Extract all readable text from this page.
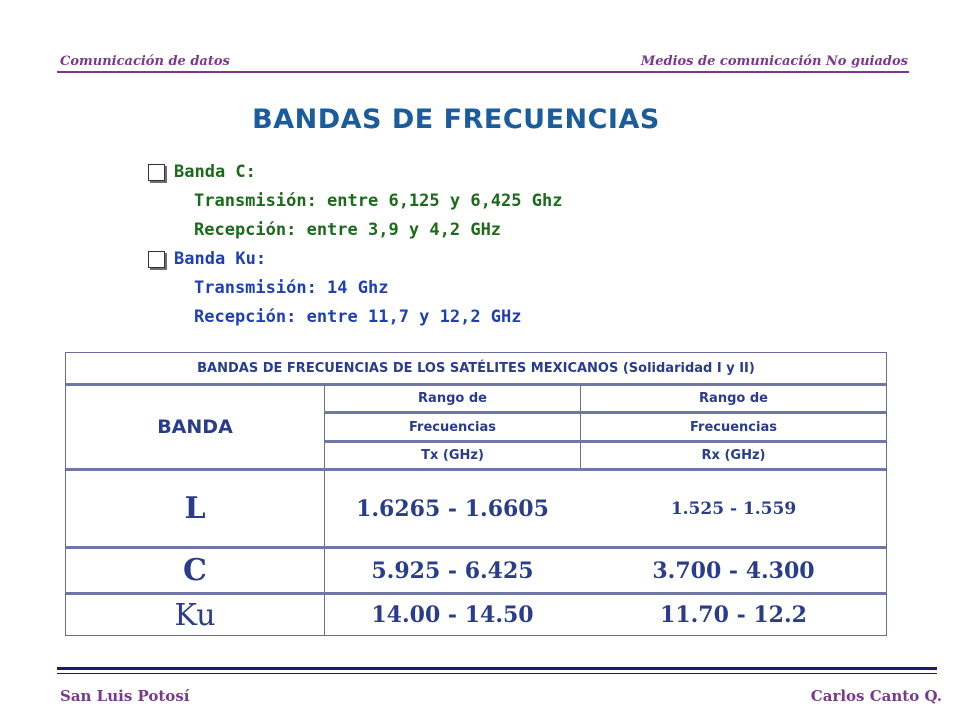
Comunicación de datos	Medios de comunicación No guiados
BANDAS DE FRECUENCIAS
Banda C:
Transmisión: entre 6,125 y 6,425 Ghz
Recepción: entre 3,9 y 4,2 GHz
Banda Ku:
Transmisión: 14 Ghz
Recepción: entre 11,7 y 12,2 GHz
BANDAS DE FRECUENCIAS DE LOS SATÉLITES MEXICANOS (Solidaridad I y II)
BANDA
Rango de	Rango de
Frecuencias	Frecuencias
Tx (GHz)	Rx (GHz)
L	1.6265 - 1.6605	1.525 - 1.559
C	5.925 - 6.425	3.700 - 4.300
Ku	14.00 - 14.50	11.70 - 12.2
San Luis Potosí	Carlos Canto Q.
